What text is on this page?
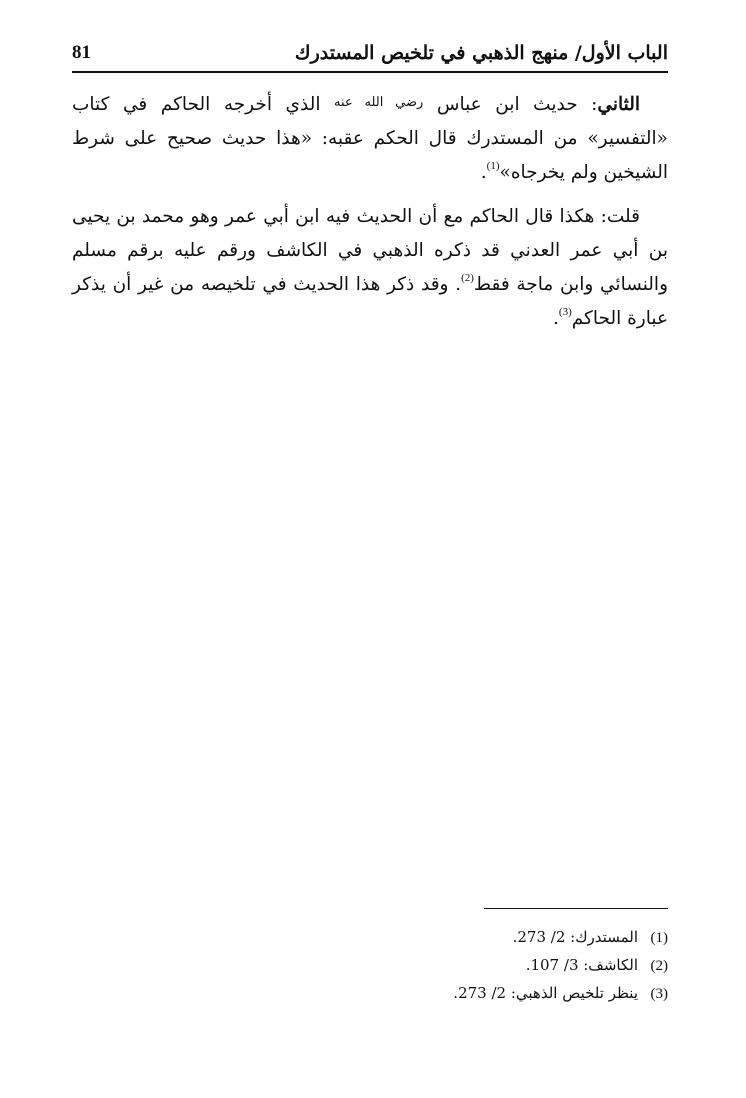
الباب الأول/ منهج الذهبي في تلخيص المستدرك
81

الثاني: حديث ابن عباس $^{رضي الله عنه}$ الذي أخرجه الحاكم في كتاب «التفسير» من المستدرك قال الحكم عقبه: «هذا حديث صحيح على شرط الشيخين ولم يخرجاه»$^{(1)}$.

قلت: هكذا قال الحاكم مع أن الحديث فيه ابن أبي عمر وهو محمد بن يحيى بن أبي عمر العدني قد ذكره الذهبي في الكاشف ورقم عليه برقم مسلم والنسائي وابن ماجة فقط$^{(2)}$. وقد ذكر هذا الحديث في تلخيصه من غير أن يذكر عبارة الحاكم$^{(3)}$.

(1)المستدرك: 2/ 273.
(2)الكاشف: 3/ 107.
(3)ينظر تلخيص الذهبي: 2/ 273.
